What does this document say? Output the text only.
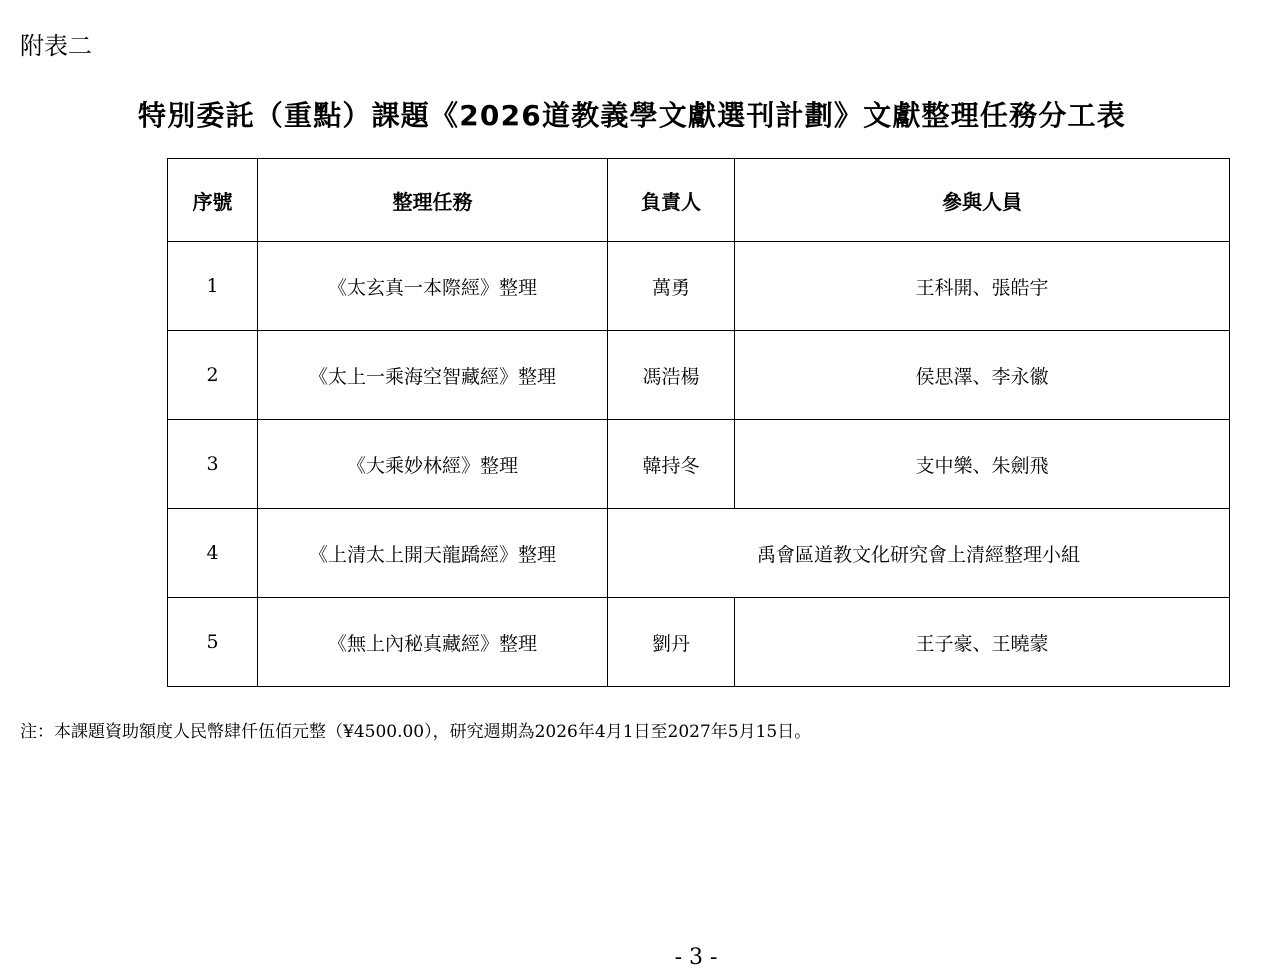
附表二
特別委託（重點）課題《2026道教義學文獻選刊計劃》文獻整理任務分工表
序號	整理任務	負責人	參與人員
1	《太玄真一本際經》整理	萬勇	王科開、張皓宇
2	《太上一乘海空智藏經》整理	馮浩楊	侯思澤、李永徽
3	《大乘妙林經》整理	韓持冬	支中樂、朱劍飛
4	《上清太上開天龍蹻經》整理	禹會區道教文化研究會上清經整理小組	
5	《無上內秘真藏經》整理	劉丹	王子豪、王曉蒙
注：本課題資助額度人民幣肆仟伍佰元整（¥4500.00），研究週期為2026年4月1日至2027年5月15日。
- 3 -
